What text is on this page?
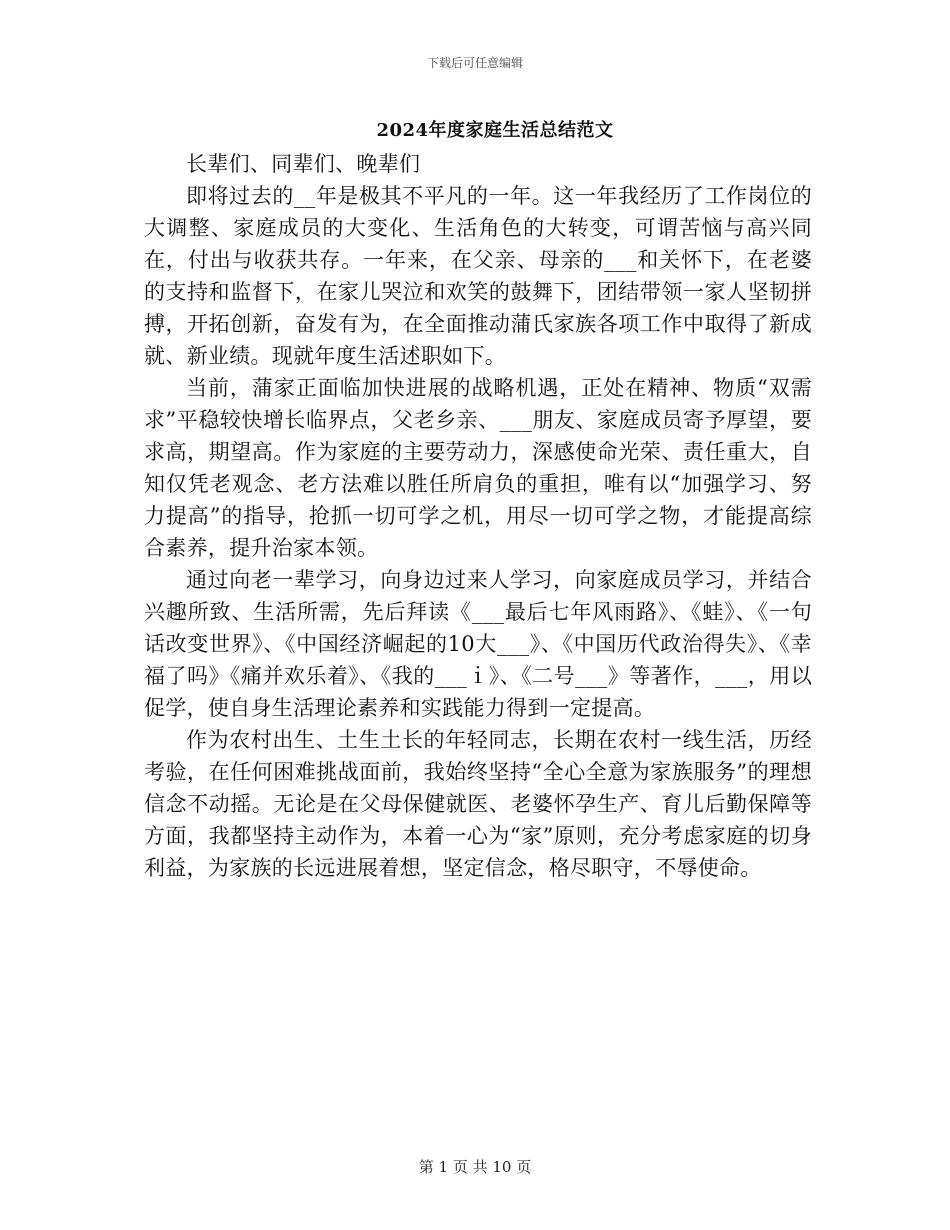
下载后可任意编辑
2024年度家庭生活总结范文

长辈们、同辈们、晚辈们

即将过去的__年是极其不平凡的一年。这一年我经历了工作岗位的大调整、家庭成员的大变化、生活角色的大转变，可谓苦恼与高兴同在，付出与收获共存。一年来，在父亲、母亲的___和关怀下，在老婆的支持和监督下，在家儿哭泣和欢笑的鼓舞下，团结带领一家人坚韧拼搏，开拓创新，奋发有为，在全面推动蒲氏家族各项工作中取得了新成就、新业绩。现就年度生活述职如下。

当前，蒲家正面临加快进展的战略机遇，正处在精神、物质“双需求”平稳较快增长临界点，父老乡亲、___朋友、家庭成员寄予厚望，要求高，期望高。作为家庭的主要劳动力，深感使命光荣、责任重大，自知仅凭老观念、老方法难以胜任所肩负的重担，唯有以“加强学习、努力提高”的指导，抢抓一切可学之机，用尽一切可学之物，才能提高综合素养，提升治家本领。

通过向老一辈学习，向身边过来人学习，向家庭成员学习，并结合兴趣所致、生活所需，先后拜读《___最后七年风雨路》、《蛙》、《一句话改变世界》、《中国经济崛起的10大___》、《中国历代政治得失》、《幸福了吗》《痛并欢乐着》、《我的___ｉ》、《二号___》等著作，___，用以促学，使自身生活理论素养和实践能力得到一定提高。

作为农村出生、土生土长的年轻同志，长期在农村一线生活，历经考验，在任何困难挑战面前，我始终坚持“全心全意为家族服务”的理想信念不动摇。无论是在父母保健就医、老婆怀孕生产、育儿后勤保障等方面，我都坚持主动作为，本着一心为“家”原则，充分考虑家庭的切身利益，为家族的长远进展着想，坚定信念，格尽职守，不辱使命。

第 1 页 共 10 页
